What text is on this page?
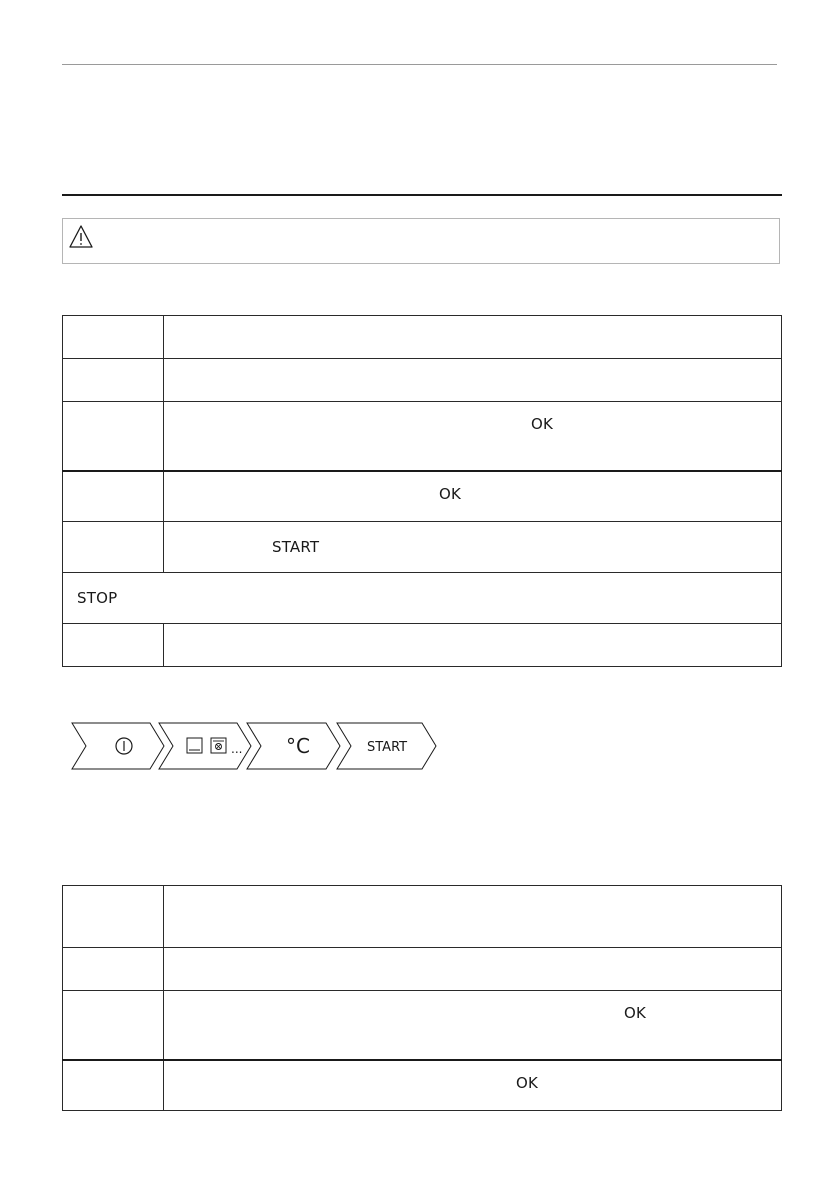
	OK

	OK

	START

STOP	

... °C	START

	OK

	OK
